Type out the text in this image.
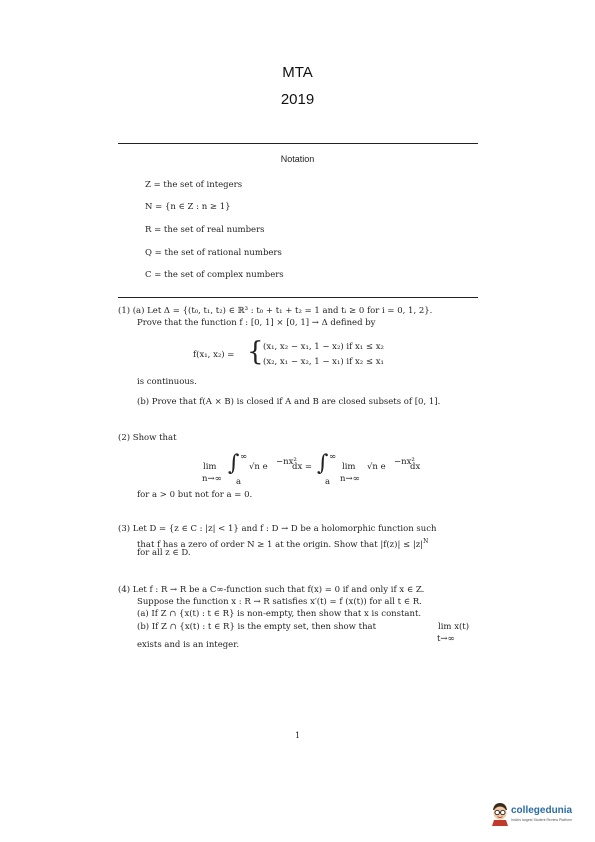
MTA
2019
Notation
Z = the set of integers
N = {n ∈ Z : n ≥ 1}
R = the set of real numbers
Q = the set of rational numbers
C = the set of complex numbers
(1) (a) Let Δ = {(t₀, t₁, t₂) ∈ ℝ³ : t₀ + t₁ + t₂ = 1 and tᵢ ≥ 0 for i = 0, 1, 2}.
Prove that the function f : [0, 1] × [0, 1] → Δ defined by
f(x₁, x₂) = { (x₁, x₂ − x₁, 1 − x₂) if x₁ ≤ x₂
(x₂, x₁ − x₂, 1 − x₁) if x₂ ≤ x₁
is continuous.
(b) Prove that f(A × B) is closed if A and B are closed subsets of [0, 1].
(2) Show that
lim
n→∞
∫ ∞
a
√n e −nx²
dx = ∫ ∞
a
lim
n→∞
√n e −nx²
dx
for a > 0 but not for a = 0.
(3) Let D = {z ∈ C : |z| < 1} and f : D → D be a holomorphic function such
that f has a zero of order N ≥ 1 at the origin. Show that $|f(z)| \le |z|^N$
for all z ∈ D.
(4) Let f : R → R be a C∞-function such that f(x) = 0 if and only if x ∈ Z.
Suppose the function x : R → R satisfies x′(t) = f (x(t)) for all t ∈ R.
(a) If Z ∩ {x(t) : t ∈ R} is non-empty, then show that x is constant.
(b) If Z ∩ {x(t) : t ∈ R} is the empty set, then show that	lim x(t)
t→∞
exists and is an integer.
1
collegedunia
India's largest Student Review Platform
